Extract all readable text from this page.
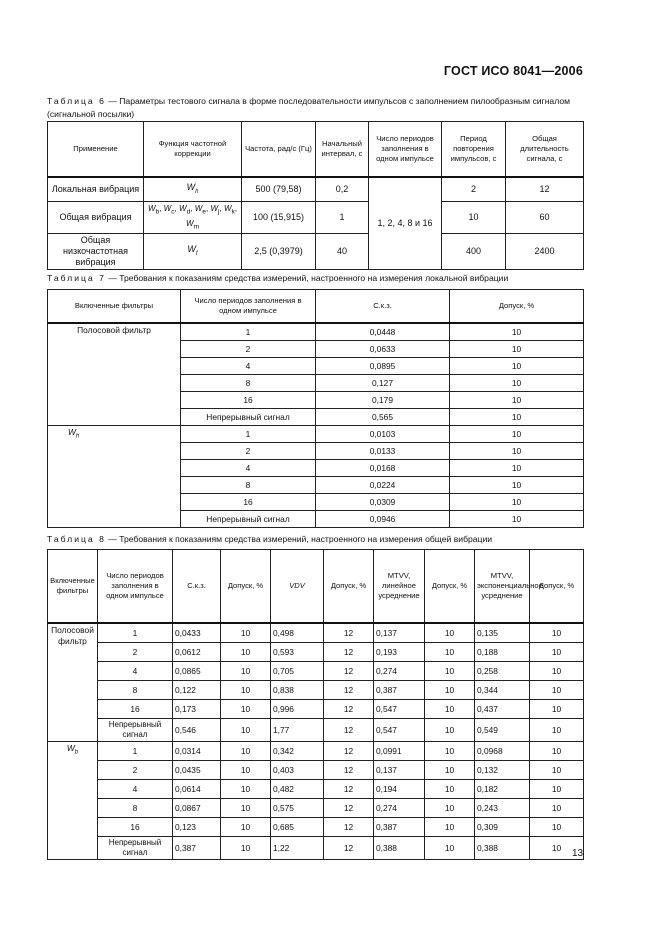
ГОСТ ИСО 8041—2006
Таблица 6 — Параметры тестового сигнала в форме последовательности импульсов с заполнением пилообразным сигналом (сигнальной посылки)
Применение	Функция частотной коррекции	Частота, рад/с (Гц)	Начальный интервал, с	Число периодов заполнения в одном импульсе	Период повторения импульсов, с	Общая длительность сигнала, с
Локальная вибрация	$W_h$	500 (79,58)	0,2	1, 2, 4, 8 и 16	2	12
Общая вибрация	$W_b$, $W_c$, $W_d$, $W_e$, $W_j$, $W_k$, $W_m$	100 (15,915)	1		10	60
Общая низкочастотная вибрация	$W_f$	2,5 (0,3979)	40		400	2400
Таблица 7 — Требования к показаниям средства измерений, настроенного на измерения локальной вибрации
Включенные фильтры	Число периодов заполнения в одном импульсе	С.к.з.	Допуск, %
Полосовой фильтр	1	0,0448	10
	2	0,0633	10
	4	0,0895	10
	8	0,127	10
	16	0,179	10
	Непрерывный сигнал	0,565	10
$W_h$	1	0,0103	10
	2	0,0133	10
	4	0,0168	10
	8	0,0224	10
	16	0,0309	10
	Непрерывный сигнал	0,0946	10
Таблица 8 — Требования к показаниям средства измерений, настроенного на измерения общей вибрации
Включенные фильтры	Число периодов заполнения в одном импульсе	С.к.з.	Допуск, %	VDV	Допуск, %	MTVV, линейное усреднение	Допуск, %	MTVV, экспоненциальное усреднение	Допуск, %
Полосовой фильтр	1	0,0433	10	0,498	12	0,137	10	0,135	10
	2	0,0612	10	0,593	12	0,193	10	0,188	10
	4	0,0865	10	0,705	12	0,274	10	0,258	10
	8	0,122	10	0,838	12	0,387	10	0,344	10
	16	0,173	10	0,996	12	0,547	10	0,437	10
	Непрерывный сигнал	0,546	10	1,77	12	0,547	10	0,549	10
$W_b$	1	0,0314	10	0,342	12	0,0991	10	0,0968	10
	2	0,0435	10	0,403	12	0,137	10	0,132	10
	4	0,0614	10	0,482	12	0,194	10	0,182	10
	8	0,0867	10	0,575	12	0,274	10	0,243	10
	16	0,123	10	0,685	12	0,387	10	0,309	10
	Непрерывный сигнал	0,387	10	1,22	12	0,388	10	0,388	10
13
